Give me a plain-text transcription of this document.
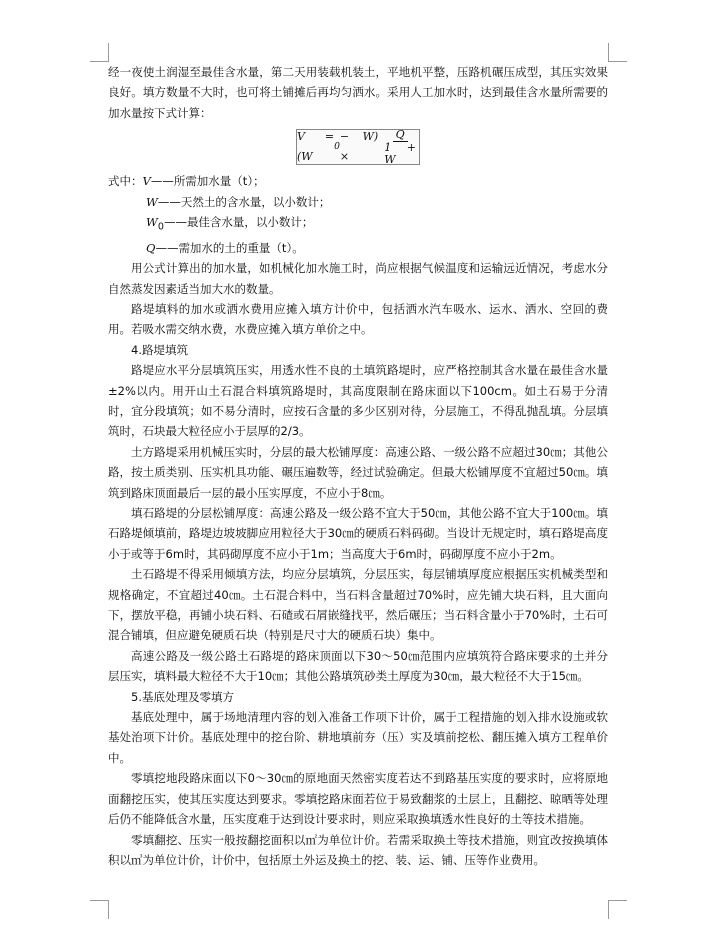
经一夜使土润湿至最佳含水量，第二天用装载机装土，平地机平整，压路机碾压成型，其压实效果良好。填方数量不大时，也可将土铺摊后再均匀洒水。采用人工加水时，达到最佳含水量所需要的加水量按下式计算：

V = (W
0
− W) ×	$\frac{Q}{1 + W}$
式中：V——所需加水量（t）；
W——天然土的含水量，以小数计；
$W_0——$最佳含水量，以小数计；
Q——需加水的土的重量（t）。

用公式计算出的加水量，如机械化加水施工时，尚应根据气候温度和运输远近情况，考虑水分自然蒸发因素适当加大水的数量。

路堤填料的加水或洒水费用应摊入填方计价中，包括洒水汽车吸水、运水、洒水、空回的费用。若吸水需交纳水费，水费应摊入填方单价之中。

4.路堤填筑

路堤应水平分层填筑压实，用透水性不良的土填筑路堤时，应严格控制其含水量在最佳含水量±2%以内。用开山土石混合料填筑路堤时，其高度限制在路床面以下100cm。如土石易于分清时，宜分段填筑；如不易分清时，应按石含量的多少区别对待，分层施工，不得乱抛乱填。分层填筑时，石块最大粒径应小于层厚的2/3。

土方路堤采用机械压实时，分层的最大松铺厚度：高速公路、一级公路不应超过30㎝；其他公路，按土质类别、压实机具功能、碾压遍数等，经过试验确定。但最大松铺厚度不宜超过50㎝。填筑到路床顶面最后一层的最小压实厚度，不应小于8㎝。

填石路堤的分层松铺厚度：高速公路及一级公路不宜大于50㎝，其他公路不宜大于100㎝。填石路堤倾填前，路堤边坡坡脚应用粒径大于30㎝的硬质石料码砌。当设计无规定时，填石路堤高度小于或等于6m时，其码砌厚度不应小于1m；当高度大于6m时，码砌厚度不应小于2m。

土石路堤不得采用倾填方法，均应分层填筑，分层压实，每层铺填厚度应根据压实机械类型和规格确定，不宜超过40㎝。土石混合料中，当石料含量超过70%时，应先铺大块石料，且大面向下，摆放平稳，再铺小块石料、石碴或石屑嵌缝找平，然后碾压；当石料含量小于70%时，土石可混合铺填，但应避免硬质石块（特别是尺寸大的硬质石块）集中。

高速公路及一级公路土石路堤的路床顶面以下30～50㎝范围内应填筑符合路床要求的土并分层压实，填料最大粒径不大于10㎝；其他公路填筑砂类土厚度为30㎝，最大粒径不大于15㎝。

5.基底处理及零填方

基底处理中，属于场地清理内容的划入准备工作项下计价，属于工程措施的划入排水设施或软基处治项下计价。基底处理中的挖台阶、耕地填前夯（压）实及填前挖松、翻压摊入填方工程单价中。

零填挖地段路床面以下0～30㎝的原地面天然密实度若达不到路基压实度的要求时，应将原地面翻挖压实，使其压实度达到要求。零填挖路床面若位于易致翻浆的土层上，且翻挖、晾晒等处理后仍不能降低含水量，压实度难于达到设计要求时，则应采取换填透水性良好的土等技术措施。

零填翻挖、压实一般按翻挖面积以㎡为单位计价。若需采取换土等技术措施，则宜改按换填体积以㎥为单位计价，计价中，包括原土外运及换土的挖、装、运、铺、压等作业费用。
